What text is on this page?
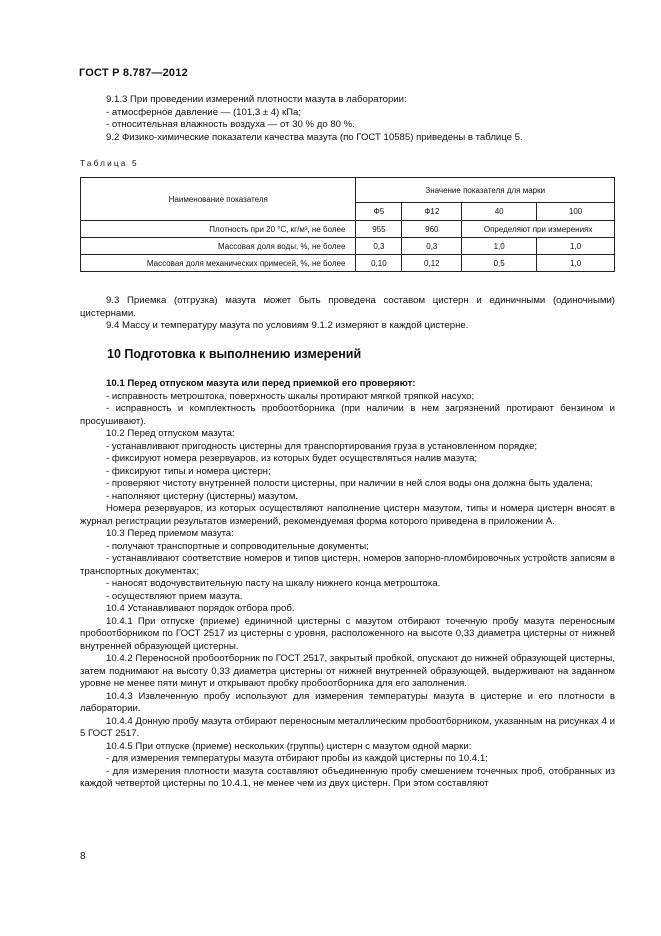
ГОСТ Р 8.787—2012

9.1.3 При проведении измерений плотности мазута в лаборатории:

- атмосферное давление — (101,3 ± 4) кПа;

- относительная влажность воздуха — от 30 % до 80 %.

9.2 Физико-химические показатели качества мазута (по ГОСТ 10585) приведены в таблице 5.

Таблица 5
Наименование показателя	Значение показателя для марки			
	Ф5	Ф12	40	100
Плотность при 20 °C, кг/м³, не более	955	960	Определяют при измерениях	
Массовая доля воды, %, не более	0,3	0,3	1,0	1,0
Массовая доля механических примесей, %, не более	0,10	0,12	0,5	1,0

9.3 Приемка (отгрузка) мазута может быть проведена составом цистерн и единичными (одиночными) цистернами.

9.4 Массу и температуру мазута по условиям 9.1.2 измеряют в каждой цистерне.

10 Подготовка к выполнению измерений

10.1 Перед отпуском мазута или перед приемкой его проверяют:

- исправность метроштока, поверхность шкалы протирают мягкой тряпкой насухо;

- исправность и комплектность пробоотборника (при наличии в нем загрязнений протирают бензином и просушивают).

10.2 Перед отпуском мазута:

- устанавливают пригодность цистерны для транспортирования груза в установленном порядке;

- фиксируют номера резервуаров, из которых будет осуществляться налив мазута;

- фиксируют типы и номера цистерн;

- проверяют чистоту внутренней полости цистерны, при наличии в ней слоя воды она должна быть удалена;

- наполняют цистерну (цистерны) мазутом.

Номера резервуаров, из которых осуществляют наполнение цистерн мазутом, типы и номера цистерн вносят в журнал регистрации результатов измерений, рекомендуемая форма которого приведена в приложении А.

10.3 Перед приемом мазута:

- получают транспортные и сопроводительные документы;

- устанавливают соответствие номеров и типов цистерн, номеров запорно-пломбировочных устройств записям в транспортных документах;

- наносят водочувствительную пасту на шкалу нижнего конца метроштока.

- осуществляют прием мазута.

10.4 Устанавливают порядок отбора проб.

10.4.1 При отпуске (приеме) единичной цистерны с мазутом отбирают точечную пробу мазута переносным пробоотборником по ГОСТ 2517 из цистерны с уровня, расположенного на высоте 0,33 диаметра цистерны от нижней внутренней образующей цистерны.

10.4.2 Переносной пробоотборник по ГОСТ 2517, закрытый пробкой, опускают до нижней образующей цистерны, затем поднимают на высоту 0,33 диаметра цистерны от нижней внутренней образующей, выдерживают на заданном уровне не менее пяти минут и открывают пробку пробоотборника для его заполнения.

10.4.3 Извлеченную пробу используют для измерения температуры мазута в цистерне и его плотности в лаборатории.

10.4.4 Донную пробу мазута отбирают переносным металлическим пробоотборником, указанным на рисунках 4 и 5 ГОСТ 2517.

10.4.5 При отпуске (приеме) нескольких (группы) цистерн с мазутом одной марки:

- для измерения температуры мазута отбирают пробы из каждой цистерны по 10.4.1;

- для измерения плотности мазута составляют объединенную пробу смешением точечных проб, отобранных из каждой четвертой цистерны по 10.4.1, не менее чем из двух цистерн. При этом составляют

8
